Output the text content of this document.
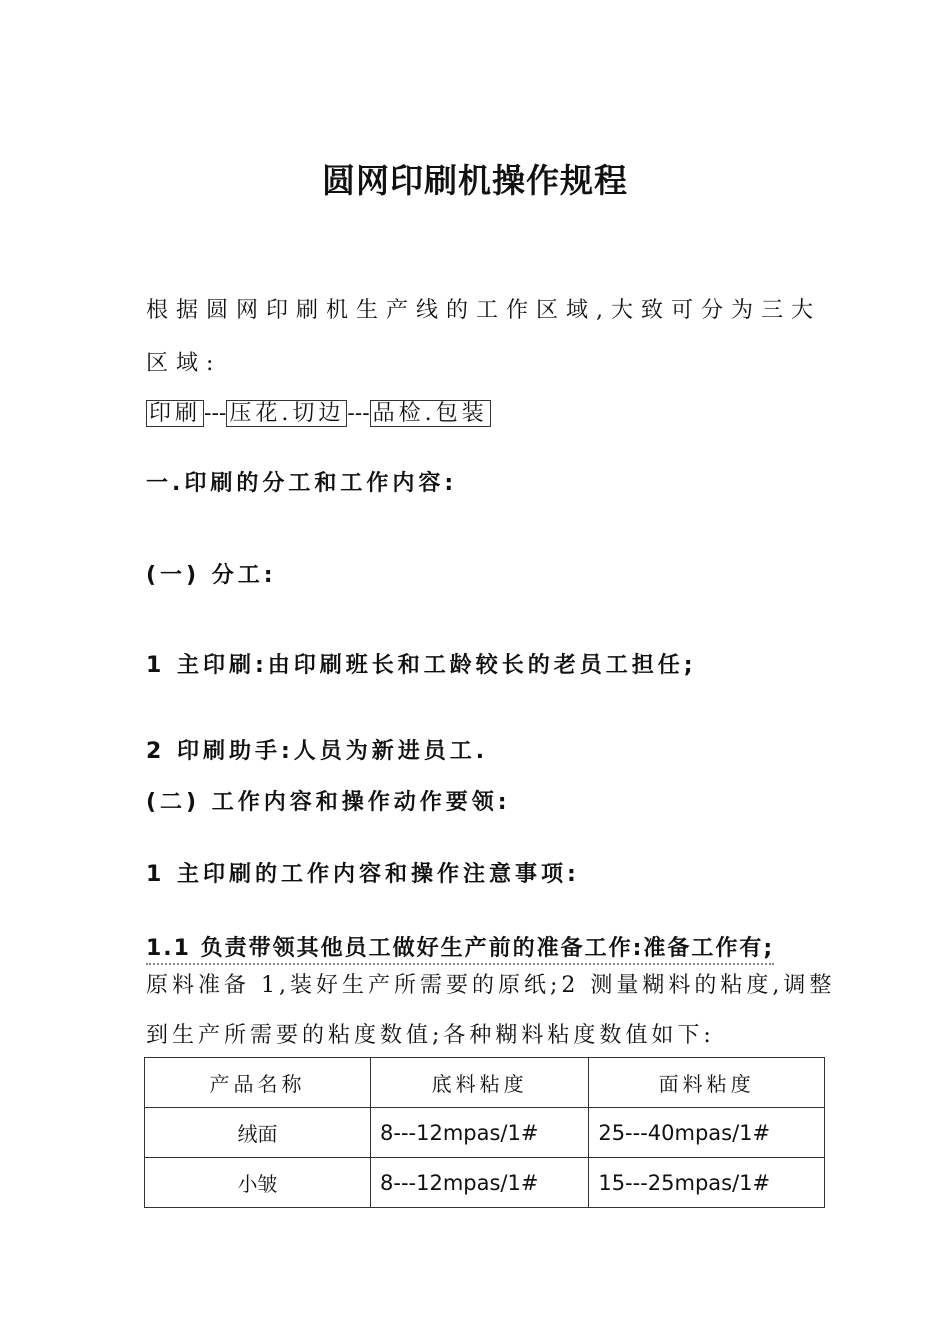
圆网印刷机操作规程
根据圆网印刷机生产线的工作区域,大致可分为三大
区域:
印刷 --- 压花.切边 --- 品检.包装
一.印刷的分工和工作内容:
(一) 分工:
1 主印刷:由印刷班长和工龄较长的老员工担任;
2 印刷助手:人员为新进员工.
(二) 工作内容和操作动作要领:
1 主印刷的工作内容和操作注意事项:
1.1 负责带领其他员工做好生产前的准备工作:准备工作有;
原料准备 1,装好生产所需要的原纸;2 测量糊料的粘度,调整
到生产所需要的粘度数值;各种糊料粘度数值如下:
产品名称	底料粘度	面料粘度
绒面	8---12mpas/1#	25---40mpas/1#
小皱	8---12mpas/1#	15---25mpas/1#
